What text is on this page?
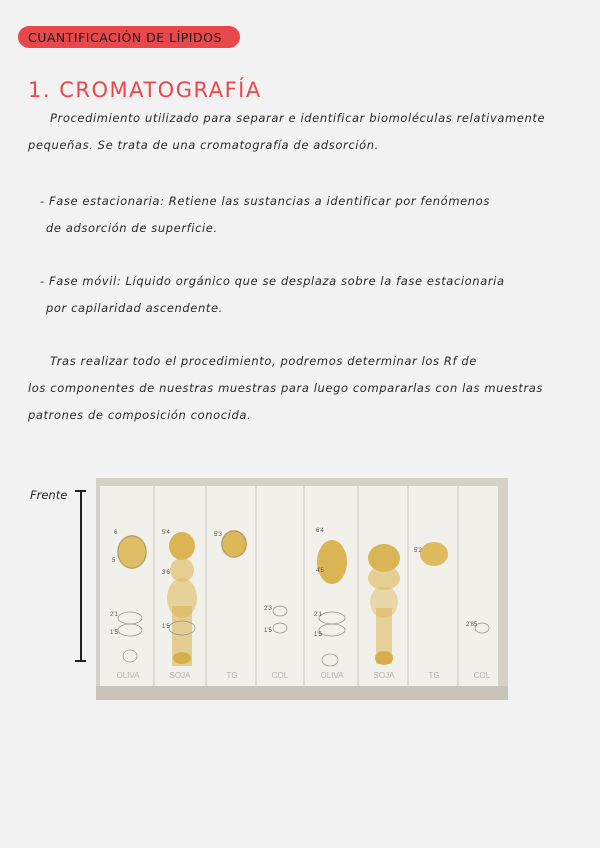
CUANTIFICACIÓN DE LÍPIDOS
1. CROMATOGRAFÍA
Procedimiento utilizado para separar e identificar biomoléculas relativamente
pequeñas. Se trata de una cromatografía de adsorción.
- Fase estacionaria: Retiene las sustancias a identificar por fenómenos
de adsorción de superficie.
- Fase móvil: Líquido orgánico que se desplaza sobre la fase estacionaria
por capilaridad ascendente.
Tras realizar todo el procedimiento, podremos determinar los Rf de
los componentes de nuestras muestras para luego compararlas con las muestras
patrones de composición conocida.
Frente
OLIVA	SOJA	TG	COL	OLIVA	SOJA	TG	COL
6
5
2'1
1'5
5'4
3'6
1'5
5'3
2'3
1'5
6'4
4'5
2'1
1'5
5'2
2'85
